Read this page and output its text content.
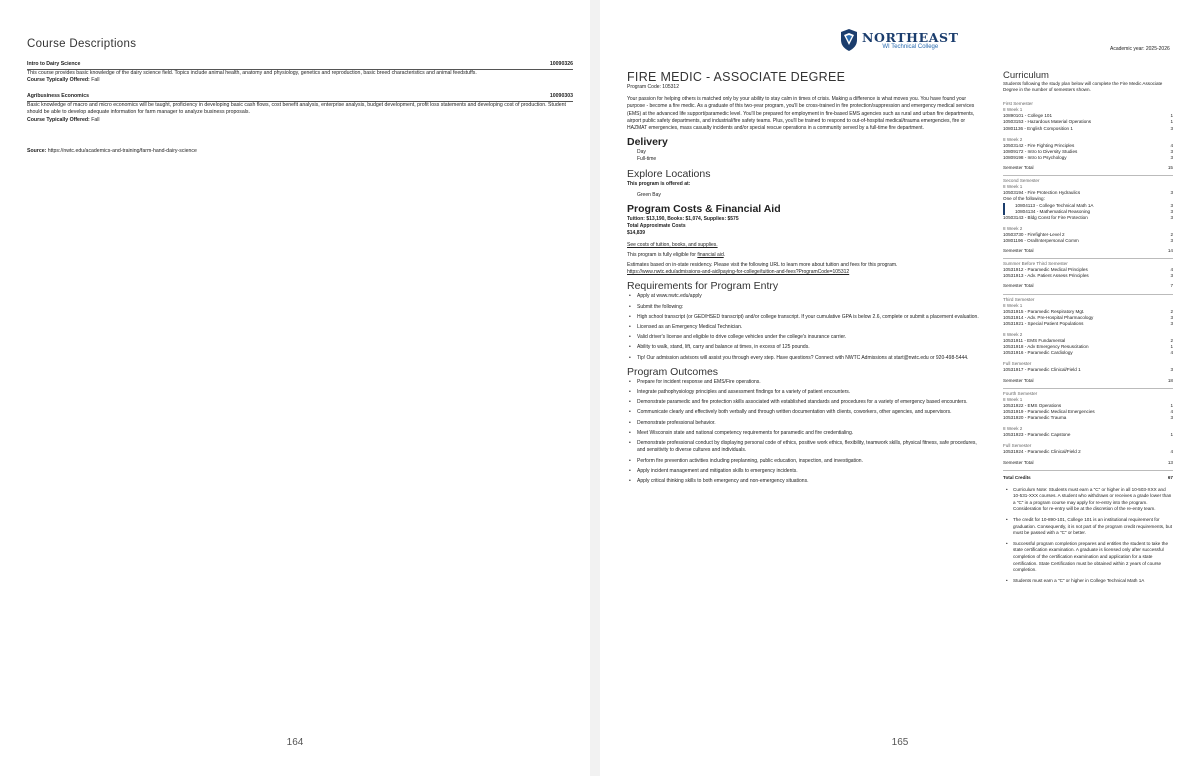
Course Descriptions
Intro to Dairy Science	10090326
This course provides basic knowledge of the dairy science field. Topics include animal health, anatomy and physiology, genetics and reproduction, basic breed characteristics and animal feedstuffs.
Course Typically Offered: Fall
Agribusiness Economics	10090303
Basic knowledge of macro and micro economics will be taught, proficiency in developing basic cash flows, cost benefit analysis, enterprise analysis, budget development, profit loss statements and developing cost of production. Student should be able to develop adequate information for farm manager to analyze business proposals.
Course Typically Offered: Fall
Source: https://nwtc.edu/academics-and-training/farm-hand-dairy-science
164
NORTHEAST
WI Technical College	Academic year: 2025-2026
FIRE MEDIC - ASSOCIATE DEGREE
Program Code: 105312

Your passion for helping others is matched only by your ability to stay calm in times of crisis. Making a difference is what moves you. You have found your purpose - become a fire medic. As a graduate of this two-year program, you'll be cross-trained in fire protection/suppression and emergency medical services (EMS) at the advanced life support/paramedic level. You'll be prepared for employment in fire-based EMS agencies such as rural and urban fire departments, airport public safety departments, and industrial/fire safety teams. Plus, you'll be trained to respond to out-of-hospital medical/trauma emergencies, fire or HAZMAT emergencies, mass casualty incidents and/or special rescue operations in a community served by a full-time fire department.

Delivery
Day
Full-time
Explore Locations
This program is offered at:
Green Bay
Program Costs & Financial Aid
Tuition: $13,190, Books: $1,074, Supplies: $575
Total Approximate Costs
$14,839

See costs of tuition, books, and supplies.

This program is fully eligible for financial aid.

Estimates based on in-state residency. Please visit the following URL to learn more about tuition and fees for this program.
https://www.nwtc.edu/admissions-and-aid/paying-for-college/tuition-and-fees?ProgramCode=105312

Requirements for Program Entry
• Apply at www.nwtc.edu/apply
• Submit the following:
• High school transcript (or GED/HSED transcript) and/or college transcript. If your cumulative GPA is below 2.6, complete or submit a placement evaluation.
• Licensed as an Emergency Medical Technician.
• Valid driver's license and eligible to drive college vehicles under the college's insurance carrier.
• Ability to walk, stand, lift, carry and balance at times, in excess of 125 pounds.
• Tip! Our admission advisors will assist you through every step. Have questions? Connect with NWTC Admissions at start@nwtc.edu or 920-498-5444.
Program Outcomes
• Prepare for incident response and EMS/Fire operations.
• Integrate pathophysiology principles and assessment findings for a variety of patient encounters.
• Demonstrate paramedic and fire protection skills associated with established standards and procedures for a variety of emergency based encounters.
• Communicate clearly and effectively both verbally and through written documentation with clients, coworkers, other agencies, and supervisors.
• Demonstrate professional behavior.
• Meet Wisconsin state and national competency requirements for paramedic and fire credentialing.
• Demonstrate professional conduct by displaying personal code of ethics, positive work ethics, flexibility, teamwork skills, physical fitness, safe procedures, and sensitivity to diverse cultures and individuals.
• Perform fire prevention activities including preplanning, public education, inspection, and investigation.
• Apply incident management and mitigation skills to emergency incidents.
• Apply critical thinking skills to both emergency and non-emergency situations.
Curriculum
Students following the study plan below will complete the Fire Medic Associate Degree in the number of semesters shown.
First Semester
8 Week 1
10890101 - College 101	1
10503153 - Hazardous Material Operations	1
10801136 - English Composition 1	3
8 Week 2
10503142 - Fire Fighting Principles	4
10809172 - Intro to Diversity Studies	3
10809198 - Intro to Psychology	3
Semester Total	15
Second Semester
8 Week 1
10503194 - Fire Protection Hydraulics	3
One of the following:
10804113 - College Technical Math 1A	3
10804134 - Mathematical Reasoning	3
10503143 - Bldg Const for Fire Protection	3
8 Week 2
10503730 - Firefighter-Level 2	2
10801196 - Oral/Interpersonal Comm	3
Semester Total	14
Summer Before Third Semester
10531912 - Paramedic Medical Principles	4
10531913 - Adv. Patient Assess Principles	3
Semester Total	7
Third Semester
8 Week 1
10531915 - Paramedic Respiratory Mgt.	2
10531914 - Adv. Pre-Hospital Pharmacology	3
10531921 - Special Patient Populations	3
8 Week 2
10531911 - EMS Fundamental	2
10531918 - Adv Emergency Resuscitation	1
10531916 - Paramedic Cardiology	4
Full Semester
10531917 - Paramedic Clinical/Field 1	3
Semester Total	18
Fourth Semester
8 Week 1
10531922 - EMS Operations	1
10531919 - Paramedic Medical Emergencies	4
10531920 - Paramedic Trauma	3
8 Week 2
10531923 - Paramedic Capstone	1
Full Semester
10531924 - Paramedic Clinical/Field 2	4
Semester Total	13
Total Credits	67
• Curriculum Note: Students must earn a "C" or higher in all 10-503-XXX and 10-531-XXX courses. A student who withdraws or receives a grade lower than a "C" in a program course may apply for re-entry into the program. Consideration for re-entry will be at the discretion of the re-entry team.
• The credit for 10-890-101, College 101 is an institutional requirement for graduation. Consequently, it is not part of the program credit requirements, but must be passed with a "C" or better.
• Successful program completion prepares and entitles the student to take the state certification examination. A graduate is licensed only after successful completion of the certification examination and application for a state certification. State Certification must be obtained within 2 years of course completion.
• Students must earn a "C" or higher in College Technical Math 1A
165
